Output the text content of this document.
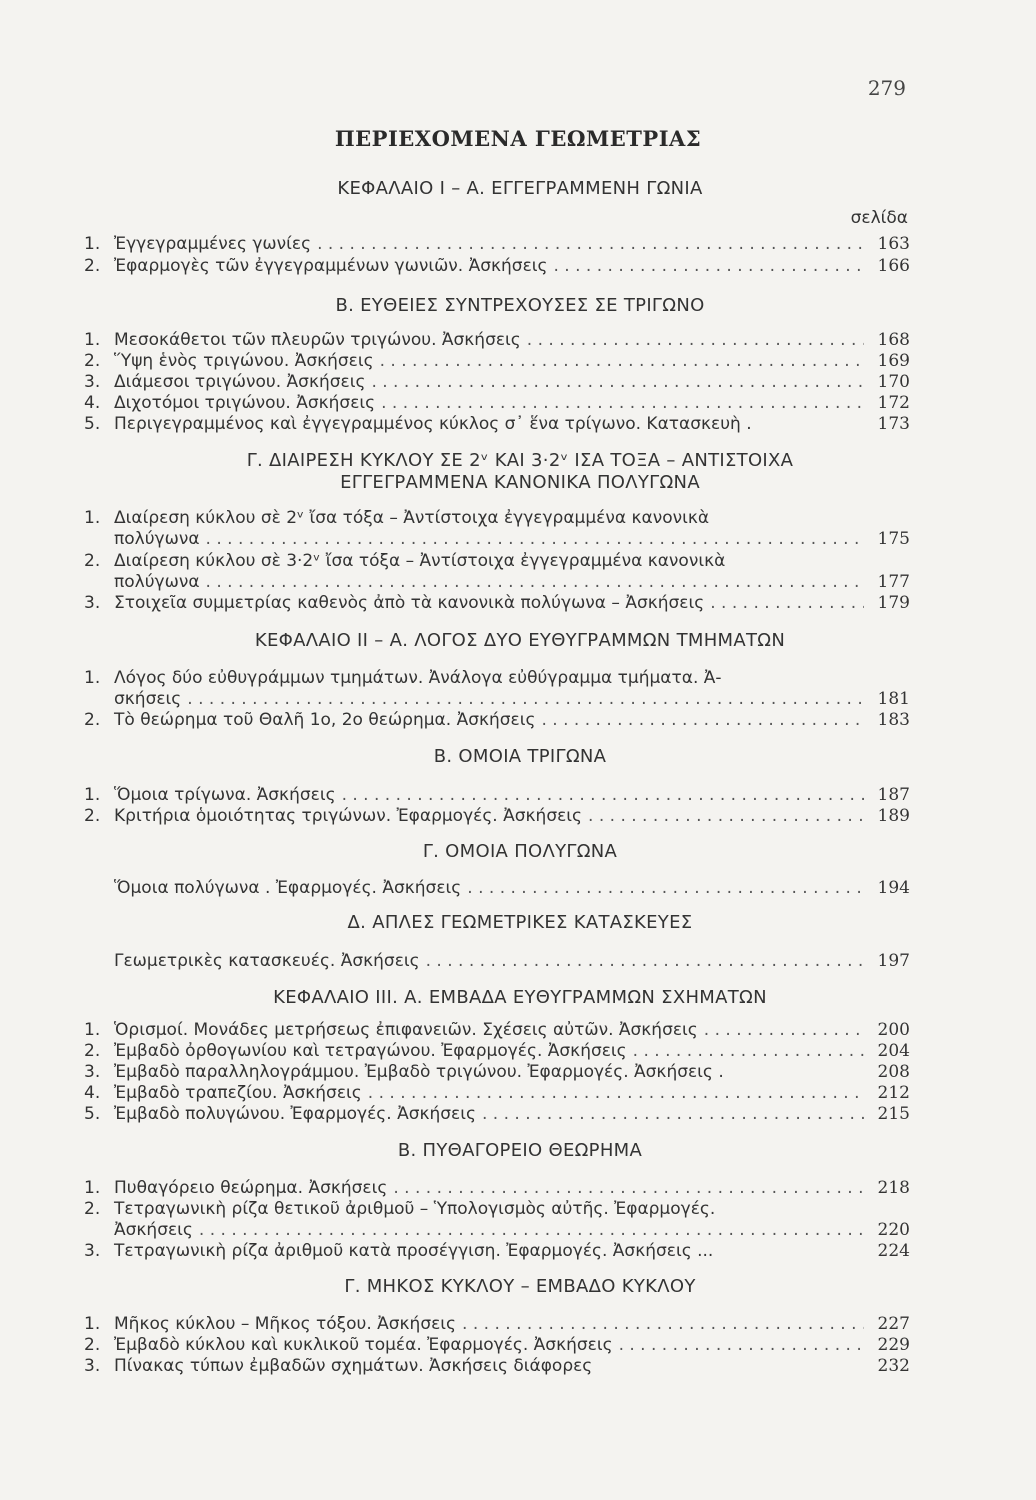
279
ΠΕΡΙΕΧΟΜΕΝΑ ΓΕΩΜΕΤΡΙΑΣ
ΚΕΦΑΛΑΙΟ Ι – Α. ΕΓΓΕΓΡΑΜΜΕΝΗ ΓΩΝΙΑ
σελίδα
1. Ἐγγεγραμμένες γωνίες . . .	163
2. Ἐφαρμογὲς τῶν ἐγγεγραμμένων γωνιῶν. Ἀσκήσεις . . .	166
Β. ΕΥΘΕΙΕΣ ΣΥΝΤΡΕΧΟΥΣΕΣ ΣΕ ΤΡΙΓΩΝΟ
1. Μεσοκάθετοι τῶν πλευρῶν τριγώνου. Ἀσκήσεις . . .	168
2. Ὕψη ἑνὸς τριγώνου. Ἀσκήσεις . . .	169
3. Διάμεσοι τριγώνου. Ἀσκήσεις . . .	170
4. Διχοτόμοι τριγώνου. Ἀσκήσεις . . .	172
5. Περιγεγραμμένος καὶ ἐγγεγραμμένος κύκλος σ᾽ ἕνα τρίγωνο. Κατασκευὴ .	173
Γ. ΔΙΑΙΡΕΣΗ ΚΥΚΛΟΥ ΣΕ 2ᵛ ΚΑΙ 3·2ᵛ ΙΣΑ ΤΟΞΑ – ΑΝΤΙΣΤΟΙΧΑ
ΕΓΓΕΓΡΑΜΜΕΝΑ ΚΑΝΟΝΙΚΑ ΠΟΛΥΓΩΝΑ
1. Διαίρεση κύκλου σὲ 2ᵛ ἴσα τόξα – Ἀντίστοιχα ἐγγεγραμμένα κανονικὰ
πολύγωνα . . .	175
2. Διαίρεση κύκλου σὲ 3·2ᵛ ἴσα τόξα – Ἀντίστοιχα ἐγγεγραμμένα κανονικὰ
πολύγωνα . . .	177
3. Στοιχεῖα συμμετρίας καθενὸς ἀπὸ τὰ κανονικὰ πολύγωνα – Ἀσκήσεις . . .	179
ΚΕΦΑΛΑΙΟ ΙΙ – Α. ΛΟΓΟΣ ΔΥΟ ΕΥΘΥΓΡΑΜΜΩΝ ΤΜΗΜΑΤΩΝ
1. Λόγος δύο εὐθυγράμμων τμημάτων. Ἀνάλογα εὐθύγραμμα τμήματα. Ἀ-
σκήσεις . . .	181
2. Τὸ θεώρημα τοῦ Θαλῆ 1ο, 2ο θεώρημα. Ἀσκήσεις . . .	183
Β. ΟΜΟΙΑ ΤΡΙΓΩΝΑ
1. Ὅμοια τρίγωνα. Ἀσκήσεις . . .	187
2. Κριτήρια ὁμοιότητας τριγώνων. Ἐφαρμογές. Ἀσκήσεις . . .	189
Γ. ΟΜΟΙΑ ΠΟΛΥΓΩΝΑ
Ὅμοια πολύγωνα . Ἐφαρμογές. Ἀσκήσεις . . .	194
Δ. ΑΠΛΕΣ ΓΕΩΜΕΤΡΙΚΕΣ ΚΑΤΑΣΚΕΥΕΣ
Γεωμετρικὲς κατασκευές. Ἀσκήσεις . . .	197
ΚΕΦΑΛΑΙΟ ΙΙΙ. Α. ΕΜΒΑΔΑ ΕΥΘΥΓΡΑΜΜΩΝ ΣΧΗΜΑΤΩΝ
1. Ὁρισμοί. Μονάδες μετρήσεως ἐπιφανειῶν. Σχέσεις αὐτῶν. Ἀσκήσεις . . .	200
2. Ἐμβαδὸ ὀρθογωνίου καὶ τετραγώνου. Ἐφαρμογές. Ἀσκήσεις . . .	204
3. Ἐμβαδὸ παραλληλογράμμου. Ἐμβαδὸ τριγώνου. Ἐφαρμογές. Ἀσκήσεις .	208
4. Ἐμβαδὸ τραπεζίου. Ἀσκήσεις . . .	212
5. Ἐμβαδὸ πολυγώνου. Ἐφαρμογές. Ἀσκήσεις . . .	215
Β. ΠΥΘΑΓΟΡΕΙΟ ΘΕΩΡΗΜΑ
1. Πυθαγόρειο θεώρημα. Ἀσκήσεις . . .	218
2. Τετραγωνικὴ ρίζα θετικοῦ ἀριθμοῦ – Ὑπολογισμὸς αὐτῆς. Ἐφαρμογές.
Ἀσκήσεις . . .	220
3. Τετραγωνικὴ ρίζα ἀριθμοῦ κατὰ προσέγγιση. Ἐφαρμογές. Ἀσκήσεις ...	224
Γ. ΜΗΚΟΣ ΚΥΚΛΟΥ – ΕΜΒΑΔΟ ΚΥΚΛΟΥ
1. Μῆκος κύκλου – Μῆκος τόξου. Ἀσκήσεις . . .	227
2. Ἐμβαδὸ κύκλου καὶ κυκλικοῦ τομέα. Ἐφαρμογές. Ἀσκήσεις . . .	229
3. Πίνακας τύπων ἐμβαδῶν σχημάτων. Ἀσκήσεις διάφορες	232
